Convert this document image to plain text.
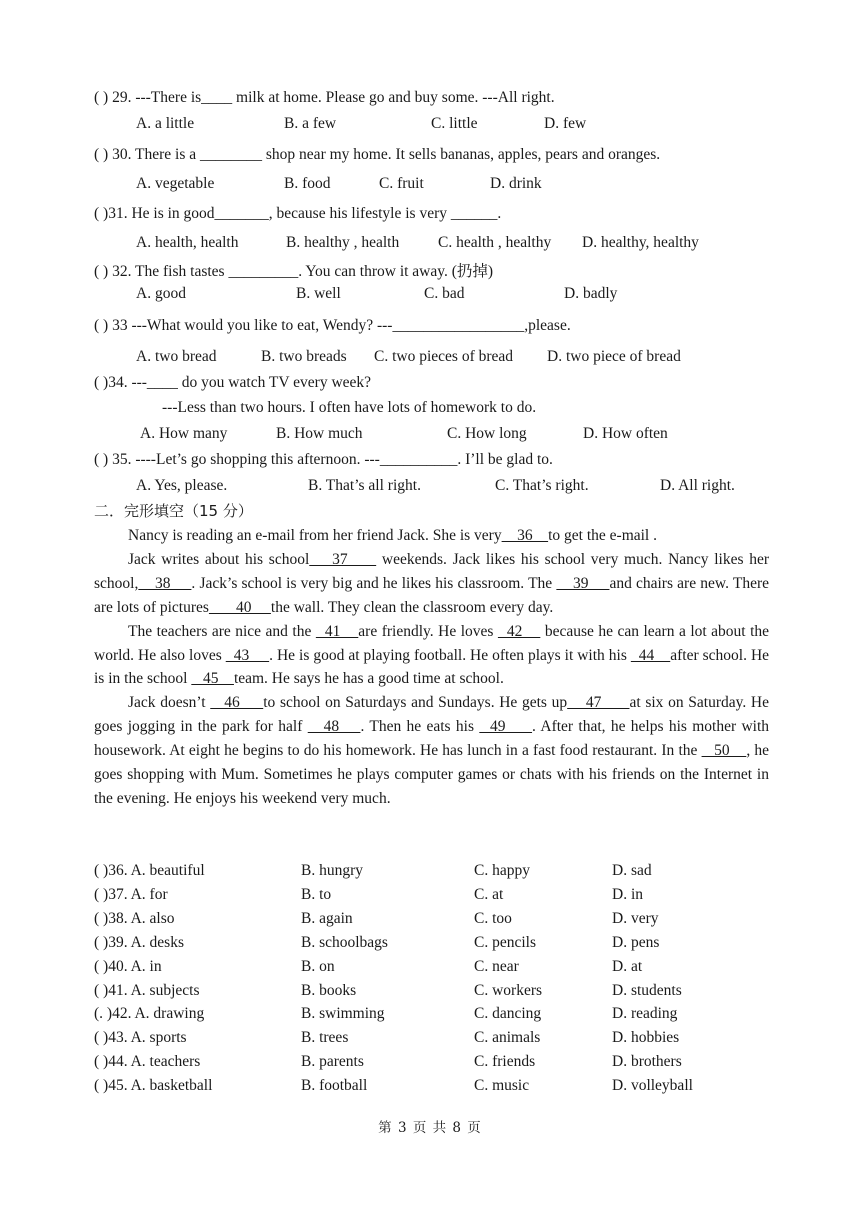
( ) 29. ---There is____ milk at home. Please go and buy some. ---All right.
A. a little	B. a few	C. little	D. few
( ) 30. There is a ________ shop near my home. It sells bananas, apples, pears and oranges.
A. vegetable	B. food	C. fruit	D. drink
( )31. He is in good_______, because his lifestyle is very ______.
A. health, health	B. healthy , health	C. health , healthy D. healthy, healthy
( ) 32. The fish tastes _________. You can throw it away. (扔掉)
A. good	B. well	C. bad	D. badly
( ) 33 ---What would you like to eat, Wendy? ---_________________,please.
A. two bread	B. two breads C. two pieces of bread D. two piece of bread
( )34. ---____ do you watch TV every week?
---Less than two hours. I often have lots of homework to do.
A. How many	B. How much	C. How long	D. How often
( ) 35. ----Let’s go shopping this afternoon. ---__________. I’ll be glad to.
A. Yes, please.	B. That’s all right.	C. That’s right.	D. All right.
二．完形填空（15 分）

Nancy is reading an e-mail from her friend Jack. She is very    36    to get the e-mail .

Jack writes about his school    37      weekends. Jack likes his school very much. Nancy likes her school,    38     . Jack’s school is very big and he likes his classroom. The     39     and chairs are new. There are lots of pictures       40     the wall. They clean the classroom every day.

The teachers are nice and the   41    are friendly. He loves   42     because he can learn a lot about the world. He also loves   43     . He is good at playing football. He often plays it with his   44    after school. He is in the school    45    team. He says he has a good time at school.

Jack doesn’t    46     to school on Saturdays and Sundays. He gets up    47      at six on Saturday. He goes jogging in the park for half    48    . Then he eats his   49     . After that, he helps his mother with housework. At eight he begins to do his homework. He has lunch in a fast food restaurant. In the    50    , he goes shopping with Mum. Sometimes he plays computer games or chats with his friends on the Internet in the evening. He enjoys his weekend very much.

( )36. A. beautiful	B. hungry	C. happy	D. sad
( )37. A. for	B. to	C. at	D. in
( )38. A. also	B. again	C. too	D. very
( )39. A. desks	B. schoolbags	C. pencils	D. pens
( )40. A. in	B. on	C. near	D. at
( )41. A. subjects	B. books	C. workers	D. students
(. )42. A. drawing	B. swimming	C. dancing	D. reading
( )43. A. sports	B. trees	C. animals	D. hobbies
( )44. A. teachers	B. parents	C. friends	D. brothers
( )45. A. basketball	B. football	C. music	D. volleyball
第 3 页 共 8 页
